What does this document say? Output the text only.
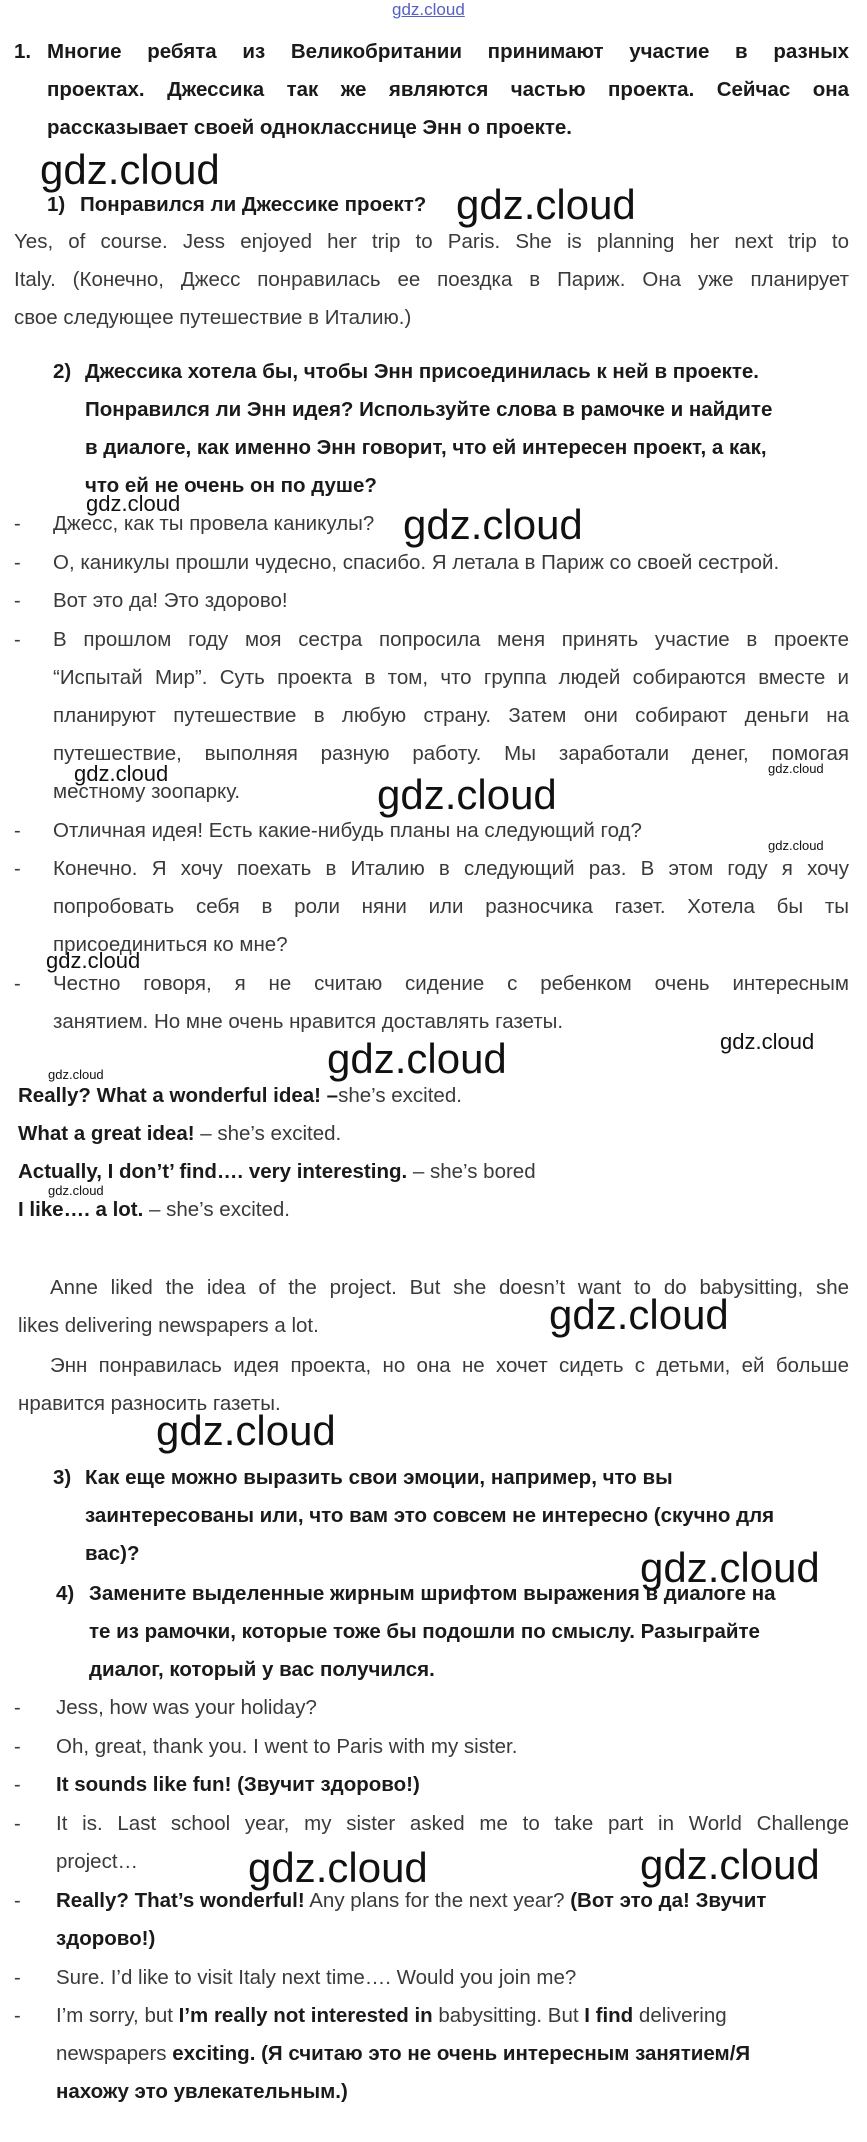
gdz.cloud
1. Многие ребята из Великобритании принимают участие в разных
проектах. Джессика так же являются частью проекта. Сейчас она
рассказывает своей однокласснице Энн о проекте.
1) Понравился ли Джессике проект?
Yes, of course. Jess enjoyed her trip to Paris. She is planning her next trip to
Italy. (Конечно, Джесс понравилась ее поездка в Париж. Она уже планирует
свое следующее путешествие в Италию.)
2) Джессика хотела бы, чтобы Энн присоединилась к ней в проекте.
Понравился ли Энн идея? Используйте слова в рамочке и найдите
в диалоге, как именно Энн говорит, что ей интересен проект, а как,
что ей не очень он по душе?
- Джесс, как ты провела каникулы?
- О, каникулы прошли чудесно, спасибо. Я летала в Париж со своей сестрой.
- Вот это да! Это здорово!
- В прошлом году моя сестра попросила меня принять участие в проекте
“Испытай Мир”. Суть проекта в том, что группа людей собираются вместе и
планируют путешествие в любую страну. Затем они собирают деньги на
путешествие, выполняя разную работу. Мы заработали денег, помогая
местному зоопарку.
- Отличная идея! Есть какие-нибудь планы на следующий год?
- Конечно. Я хочу поехать в Италию в следующий раз. В этом году я хочу
попробовать себя в роли няни или разносчика газет. Хотела бы ты
присоединиться ко мне?
- Честно говоря, я не считаю сидение с ребенком очень интересным
занятием. Но мне очень нравится доставлять газеты.
Really? What a wonderful idea! –she’s excited.
What a great idea! – she’s excited.
Actually, I don’t’ find…. very interesting. – she’s bored
I like…. a lot. – she’s excited.
Anne liked the idea of the project. But she doesn’t want to do babysitting, she
likes delivering newspapers a lot.
Энн понравилась идея проекта, но она не хочет сидеть с детьми, ей больше
нравится разносить газеты.
3) Как еще можно выразить свои эмоции, например, что вы
заинтересованы или, что вам это совсем не интересно (скучно для
вас)?
4) Замените выделенные жирным шрифтом выражения в диалоге на
те из рамочки, которые тоже бы подошли по смыслу. Разыграйте
диалог, который у вас получился.
- Jess, how was your holiday?
- Oh, great, thank you. I went to Paris with my sister.
- It sounds like fun! (Звучит здорово!)
- It is. Last school year, my sister asked me to take part in World Challenge
project…
- Really? That’s wonderful! Any plans for the next year? (Вот это да! Звучит
здорово!)
- Sure. I’d like to visit Italy next time…. Would you join me?
- I’m sorry, but I’m really not interested in babysitting. But I find delivering
newspapers exciting. (Я считаю это не очень интересным занятием/Я
нахожу это увлекательным.)
gdz.cloud
gdz.cloud
gdz.cloud	gdz.cloud
gdz.cloud	gdz.cloud
gdz.cloud
gdz.cloud
gdz.cloud
gdz.cloud	gdz.cloud
gdz.cloud
gdz.cloud
gdz.cloud
gdz.cloud
gdz.cloud
gdz.cloud	gdz.cloud
